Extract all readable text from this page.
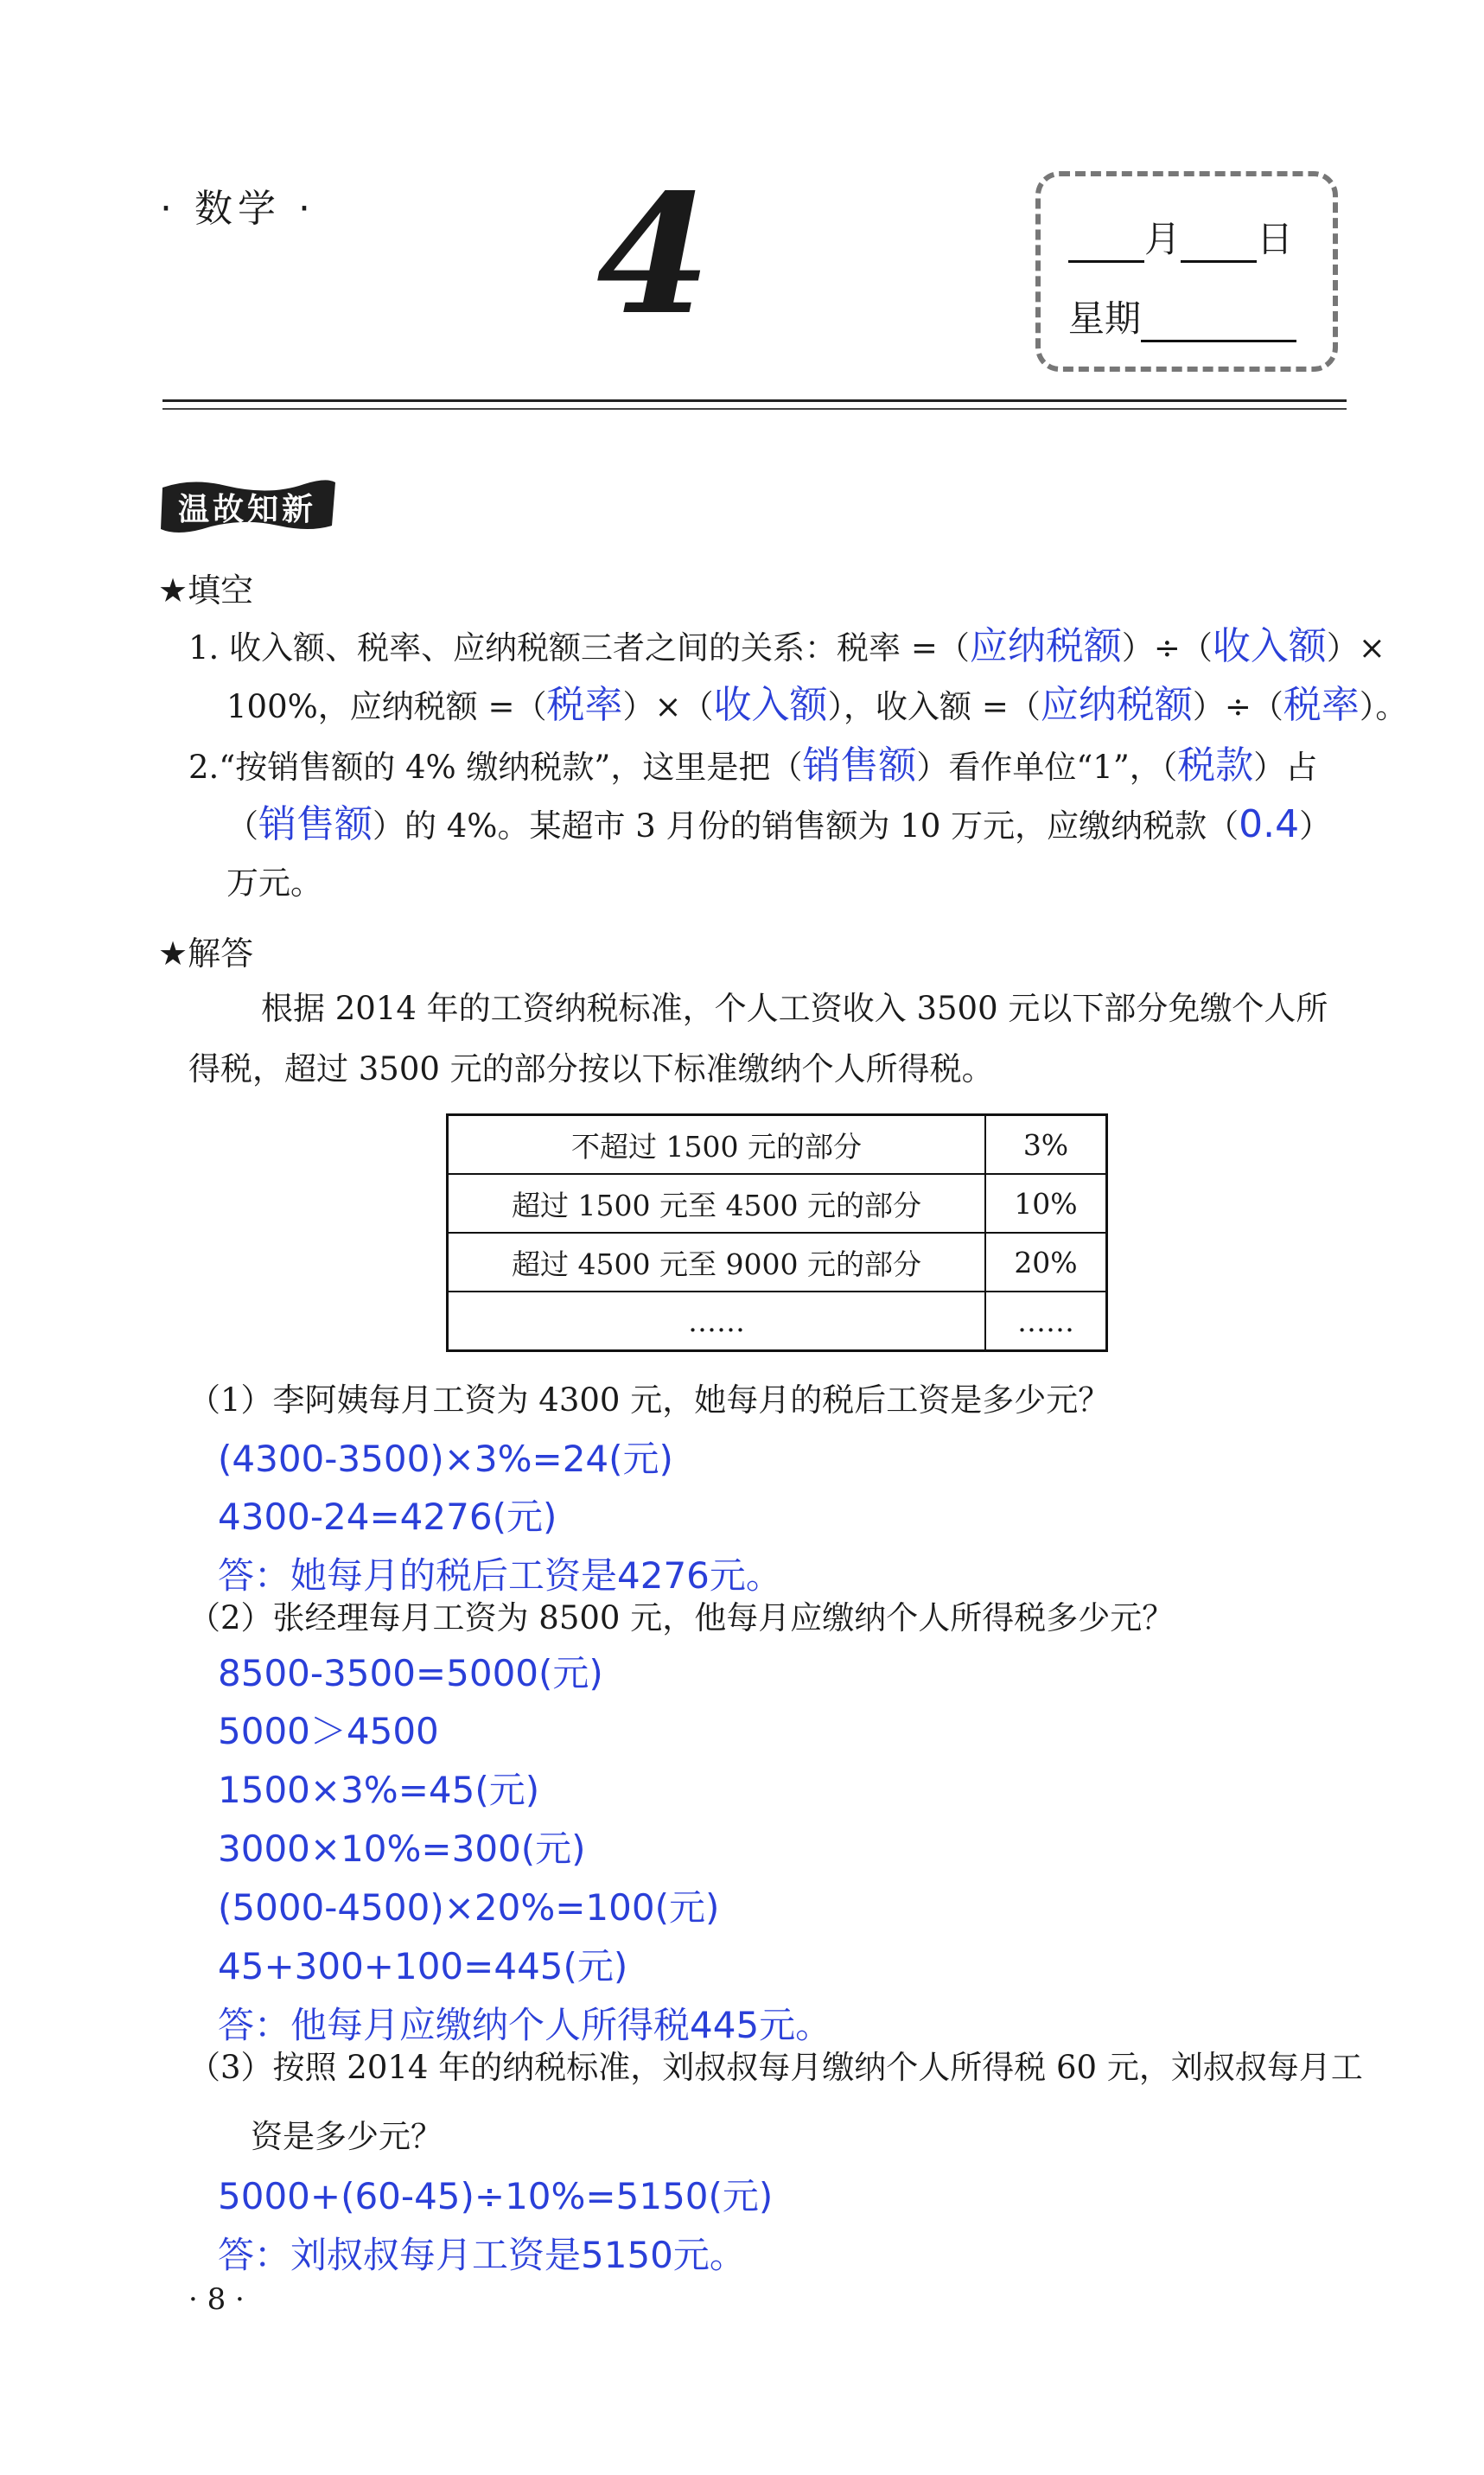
· 数学 · 4	月 日
星期
温故知新
★填空
1. 收入额、税率、应纳税额三者之间的关系：税率 =（应纳税额）÷（收入额）×
100%，应纳税额 =（税率）×（收入额），收入额 =（应纳税额）÷（税率）。
2.“按销售额的 4% 缴纳税款”，这里是把（销售额）看作单位“1”，（税款）占
（销售额）的 4%。某超市 3 月份的销售额为 10 万元，应缴纳税款（0.4）
万元。
★解答
根据 2014 年的工资纳税标准，个人工资收入 3500 元以下部分免缴个人所
得税，超过 3500 元的部分按以下标准缴纳个人所得税。
不超过 1500 元的部分	3%
超过 1500 元至 4500 元的部分	10%
超过 4500 元至 9000 元的部分	20%
……	……
（1）李阿姨每月工资为 4300 元，她每月的税后工资是多少元？
(4300-3500)×3%=24(元)
4300-24=4276(元)
答：她每月的税后工资是4276元。
（2）张经理每月工资为 8500 元，他每月应缴纳个人所得税多少元？
8500-3500=5000(元)
5000＞4500
1500×3%=45(元)
3000×10%=300(元)
(5000-4500)×20%=100(元)
45+300+100=445(元)
答：他每月应缴纳个人所得税445元。
（3）按照 2014 年的纳税标准，刘叔叔每月缴纳个人所得税 60 元，刘叔叔每月工
资是多少元？
5000+(60-45)÷10%=5150(元)
答：刘叔叔每月工资是5150元。
· 8 ·
